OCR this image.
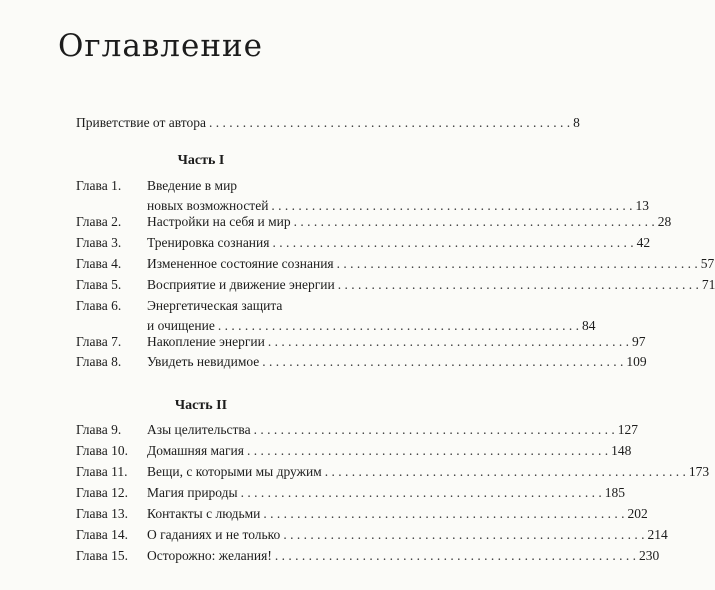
Оглавление
Приветствие от автора . . .	8
Часть I
Глава 1.	Введение в мир
новых возможностей . . .	13
Глава 2.	Настройки на себя и мир . . .	28
Глава 3.	Тренировка сознания . . .	42
Глава 4.	Измененное состояние сознания . . .	57
Глава 5.	Восприятие и движение энергии . . .	71
Глава 6.	Энергетическая защита
и очищение . . .	84
Глава 7.	Накопление энергии . . .	97
Глава 8.	Увидеть невидимое . . .	109
Часть II
Глава 9.	Азы целительства . . .	127
Глава 10.	Домашняя магия . . .	148
Глава 11.	Вещи, с которыми мы дружим . . .	173
Глава 12.	Магия природы . . .	185
Глава 13.	Контакты с людьми . . .	202
Глава 14.	О гаданиях и не только . . .	214
Глава 15.	Осторожно: желания! . . .	230
